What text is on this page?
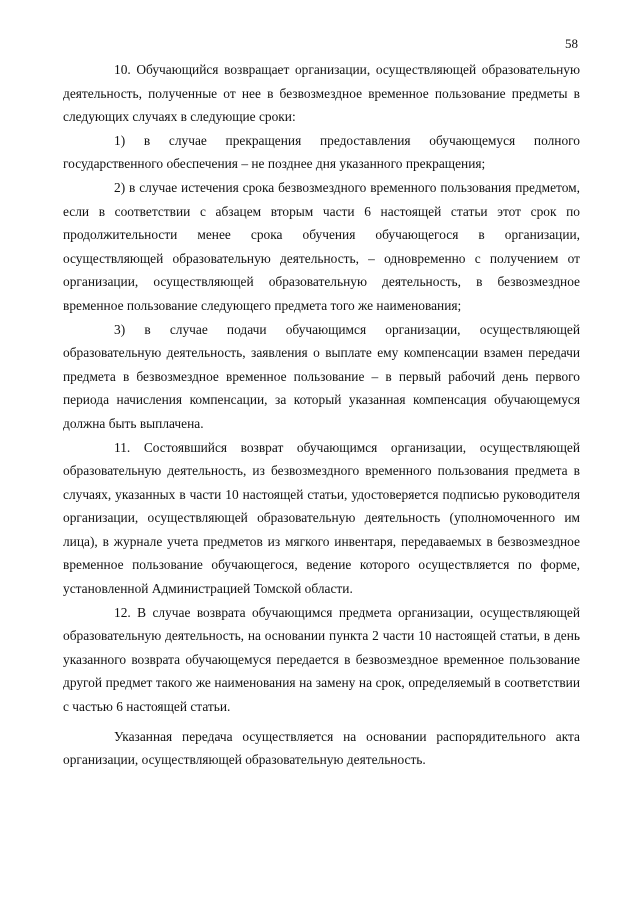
58

10. Обучающийся возвращает организации, осуществляющей образовательную деятельность, полученные от нее в безвозмездное временное пользование предметы в следующих случаях в следующие сроки:

1) в случае прекращения предоставления обучающемуся полного государственного обеспечения – не позднее дня указанного прекращения;

2) в случае истечения срока безвозмездного временного пользования предметом, если в соответствии с абзацем вторым части 6 настоящей статьи этот срок по продолжительности менее срока обучения обучающегося в организации, осуществляющей образовательную деятельность, – одновременно с получением от организации, осуществляющей образовательную деятельность, в безвозмездное временное пользование следующего предмета того же наименования;

3) в случае подачи обучающимся организации, осуществляющей образовательную деятельность, заявления о выплате ему компенсации взамен передачи предмета в безвозмездное временное пользование – в первый рабочий день первого периода начисления компенсации, за который указанная компенсация обучающемуся должна быть выплачена.

11. Состоявшийся возврат обучающимся организации, осуществляющей образовательную деятельность, из безвозмездного временного пользования предмета в случаях, указанных в части 10 настоящей статьи, удостоверяется подписью руководителя организации, осуществляющей образовательную деятельность (уполномоченного им лица), в журнале учета предметов из мягкого инвентаря, передаваемых в безвозмездное временное пользование обучающегося, ведение которого осуществляется по форме, установленной Администрацией Томской области.

12. В случае возврата обучающимся предмета организации, осуществляющей образовательную деятельность, на основании пункта 2 части 10 настоящей статьи, в день указанного возврата обучающемуся передается в безвозмездное временное пользование другой предмет такого же наименования на замену на срок, определяемый в соответствии с частью 6 настоящей статьи.

Указанная передача осуществляется на основании распорядительного акта организации, осуществляющей образовательную деятельность.
